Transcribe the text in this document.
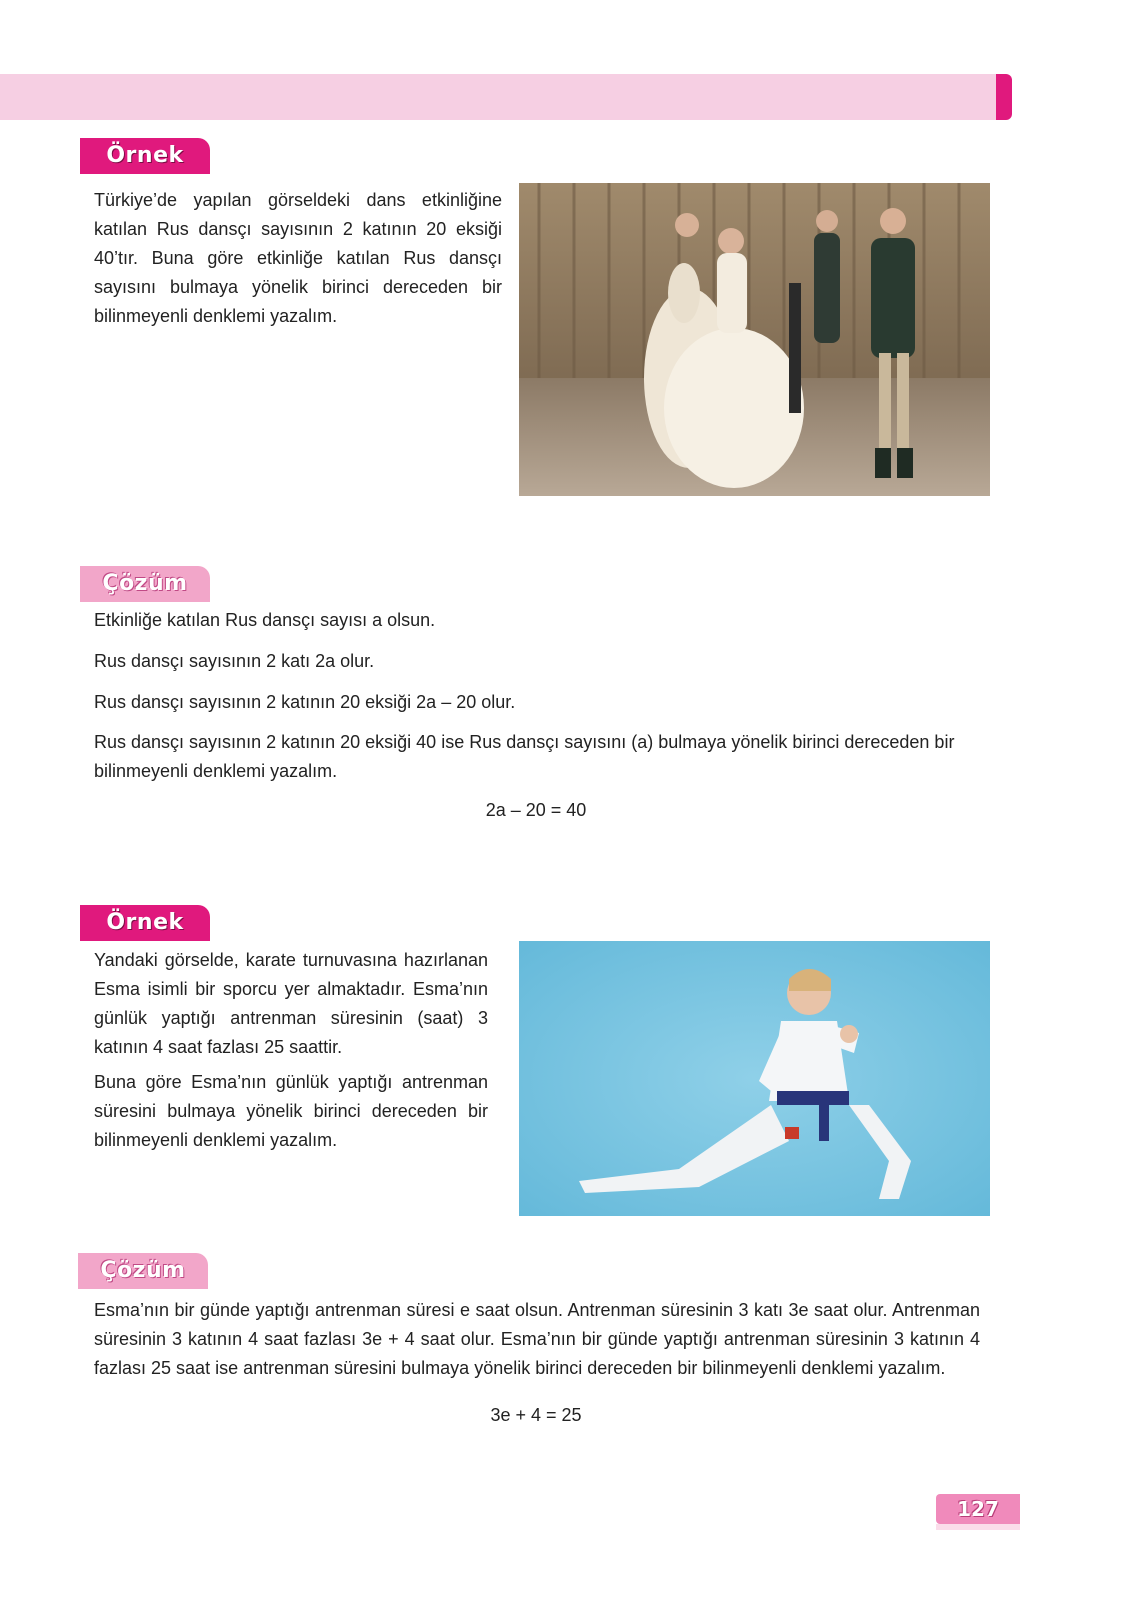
Örnek

Türkiye’de yapılan görseldeki dans etkinliğine katılan Rus dansçı sayısının 2 katının 20 eksiği 40’tır. Buna göre etkinliğe katılan Rus dansçı sayısını bulmaya yönelik birinci dereceden bir bilinmeyenli denklemi yazalım.

Çözüm

Etkinliğe katılan Rus dansçı sayısı a olsun.

Rus dansçı sayısının 2 katı 2a olur.

Rus dansçı sayısının 2 katının 20 eksiği 2a – 20 olur.

Rus dansçı sayısının 2 katının 20 eksiği 40 ise Rus dansçı sayısını (a) bulmaya yönelik birinci dereceden bir bilinmeyenli denklemi yazalım.

2a – 20 = 40
Örnek

Yandaki görselde, karate turnuvasına hazırlanan Esma isimli bir sporcu yer almaktadır. Esma’nın günlük yaptığı antrenman süresinin (saat) 3 katının 4 saat fazlası 25 saattir.

Buna göre Esma’nın günlük yaptığı antrenman süresini bulmaya yönelik birinci dereceden bir bilinmeyenli denklemi yazalım.

Çözüm

Esma’nın bir günde yaptığı antrenman süresi e saat olsun. Antrenman süresinin 3 katı 3e saat olur. Antrenman süresinin 3 katının 4 saat fazlası 3e + 4 saat olur. Esma’nın bir günde yaptığı antrenman süresinin 3 katının 4 fazlası 25 saat ise antrenman süresini bulmaya yönelik birinci dereceden bir bilinmeyenli denklemi yazalım.

3e + 4 = 25
127
